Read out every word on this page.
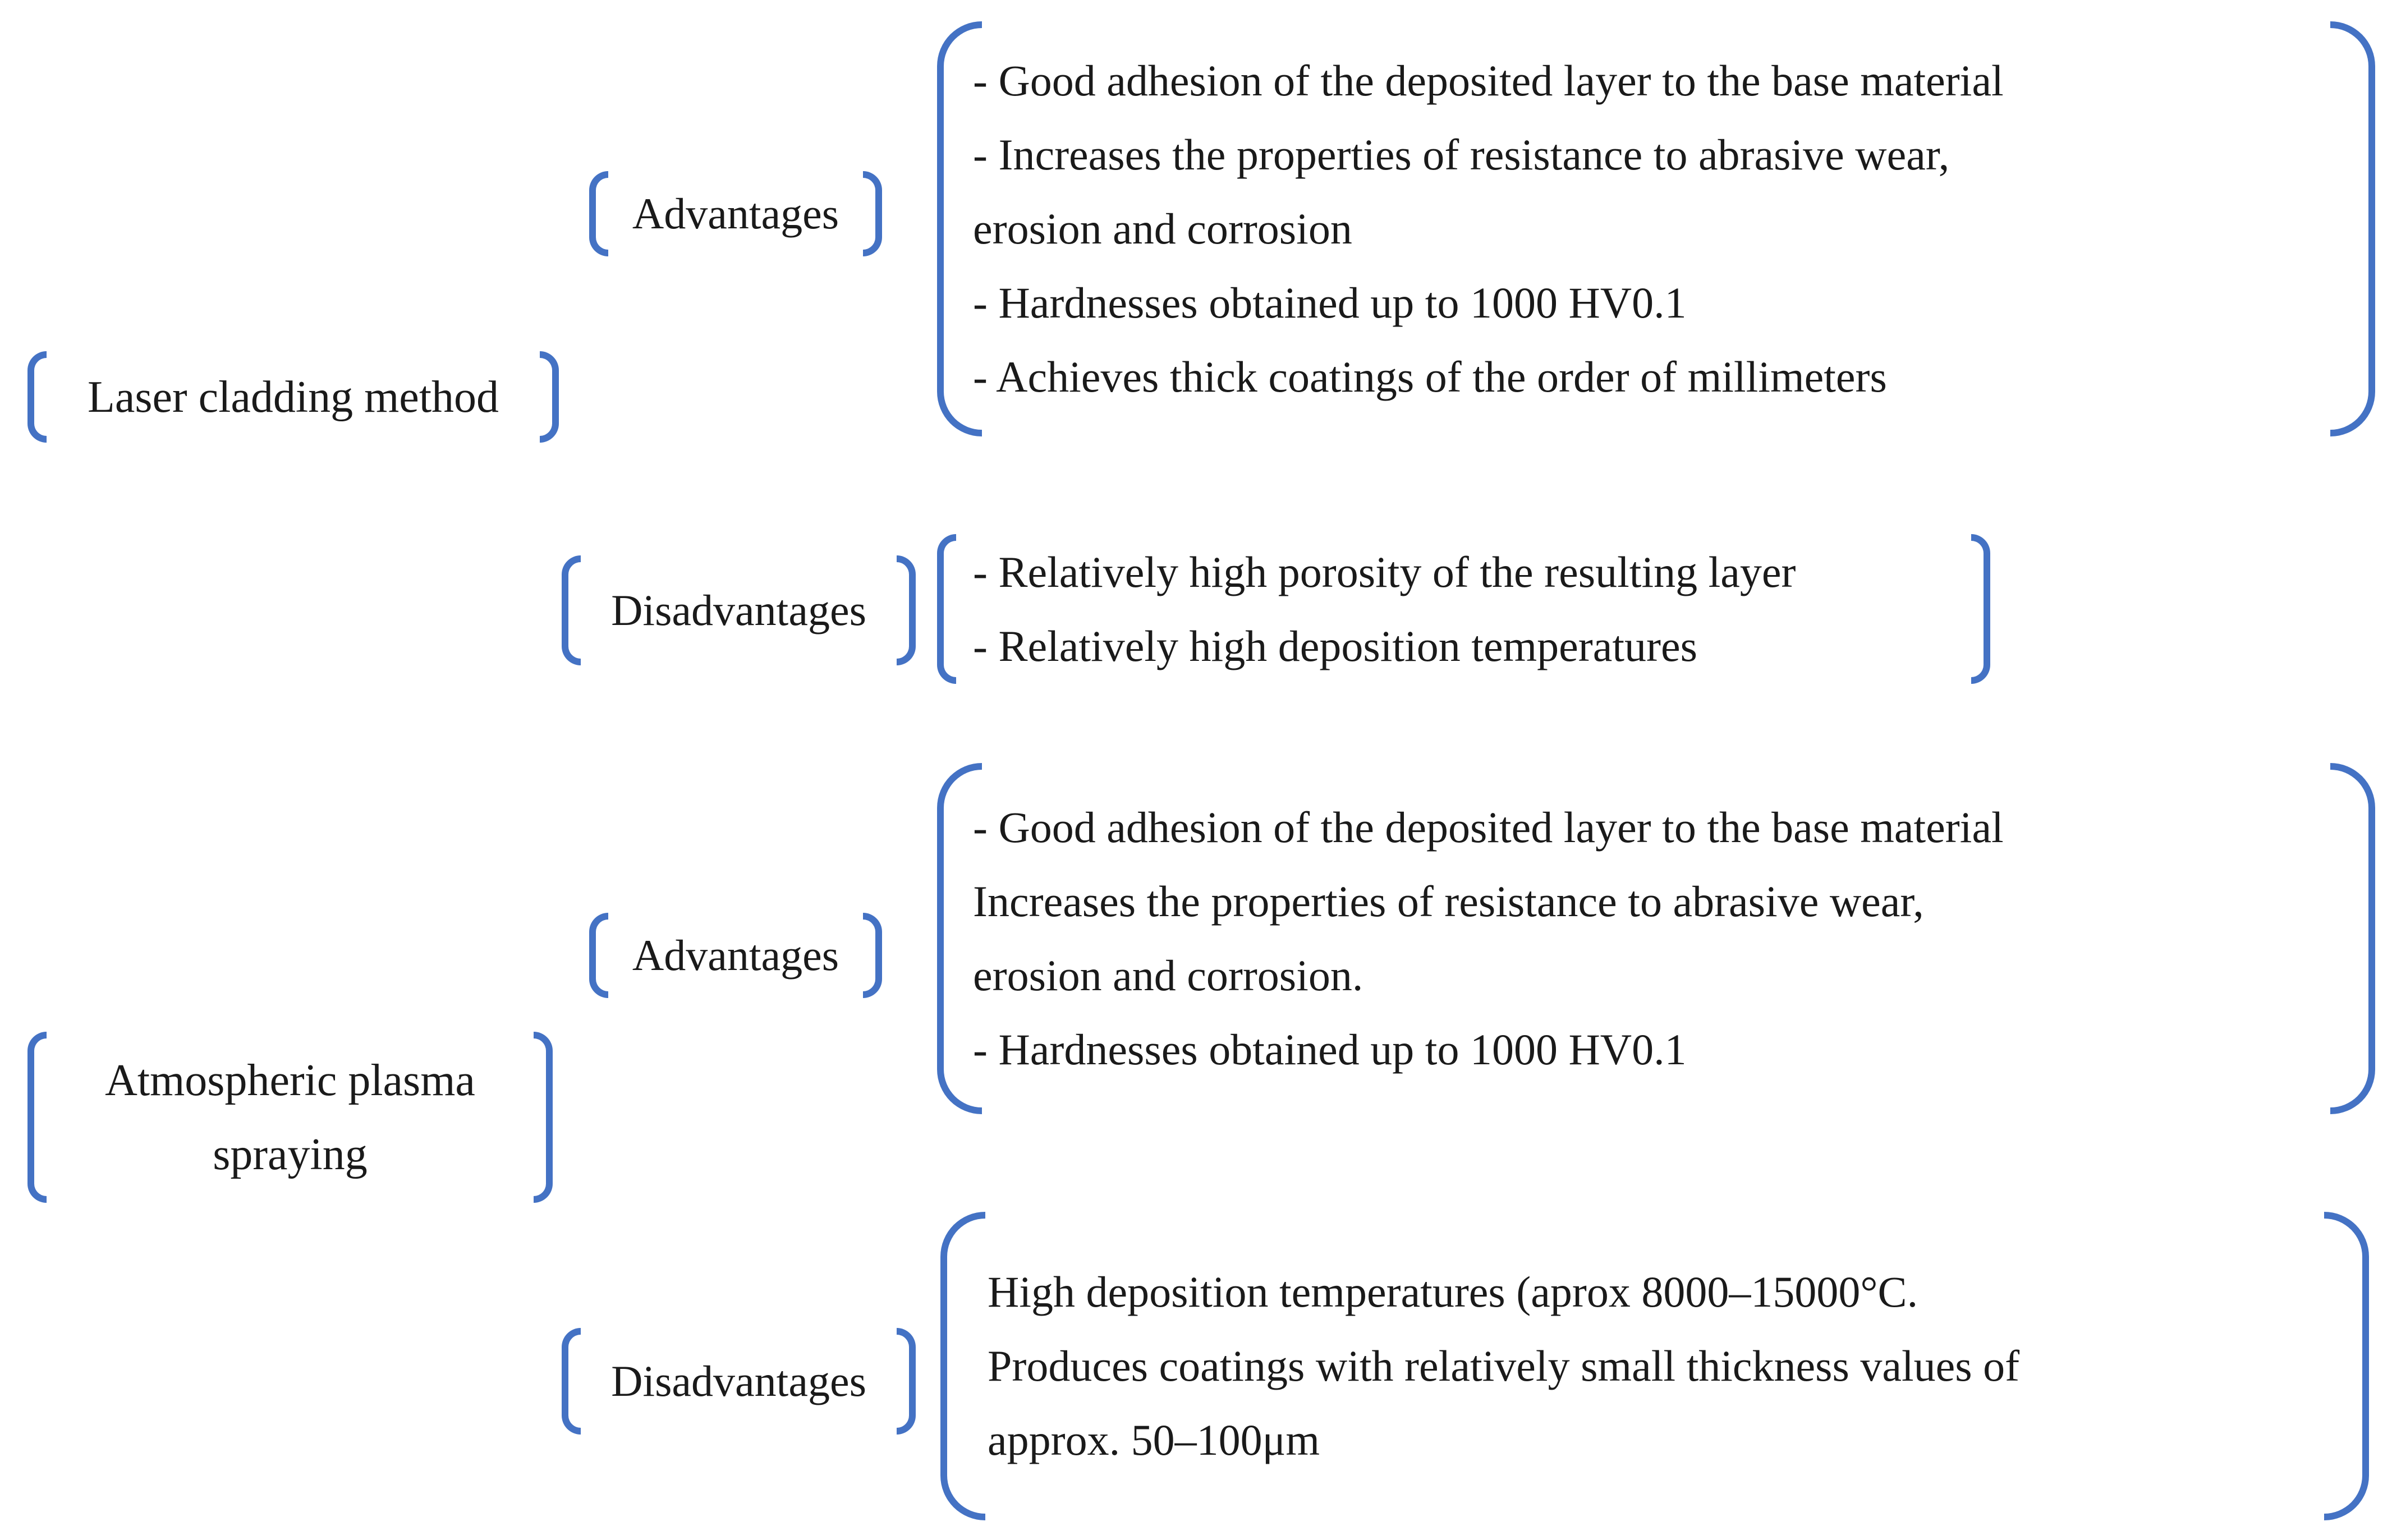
Laser cladding method
Advantages
- Good adhesion of the deposited layer to the base material
- Increases the properties of resistance to abrasive wear,
erosion and corrosion
- Hardnesses obtained up to 1000 HV0.1
- Achieves thick coatings of the order of millimeters
Disadvantages
- Relatively high porosity of the resulting layer
- Relatively high deposition temperatures
Atmospheric plasma
spraying
Advantages
- Good adhesion of the deposited layer to the base material
Increases the properties of resistance to abrasive wear,
erosion and corrosion.
- Hardnesses obtained up to 1000 HV0.1
Disadvantages
High deposition temperatures (aprox 8000–15000°C.
Produces coatings with relatively small thickness values of
approx. 50–100μm
